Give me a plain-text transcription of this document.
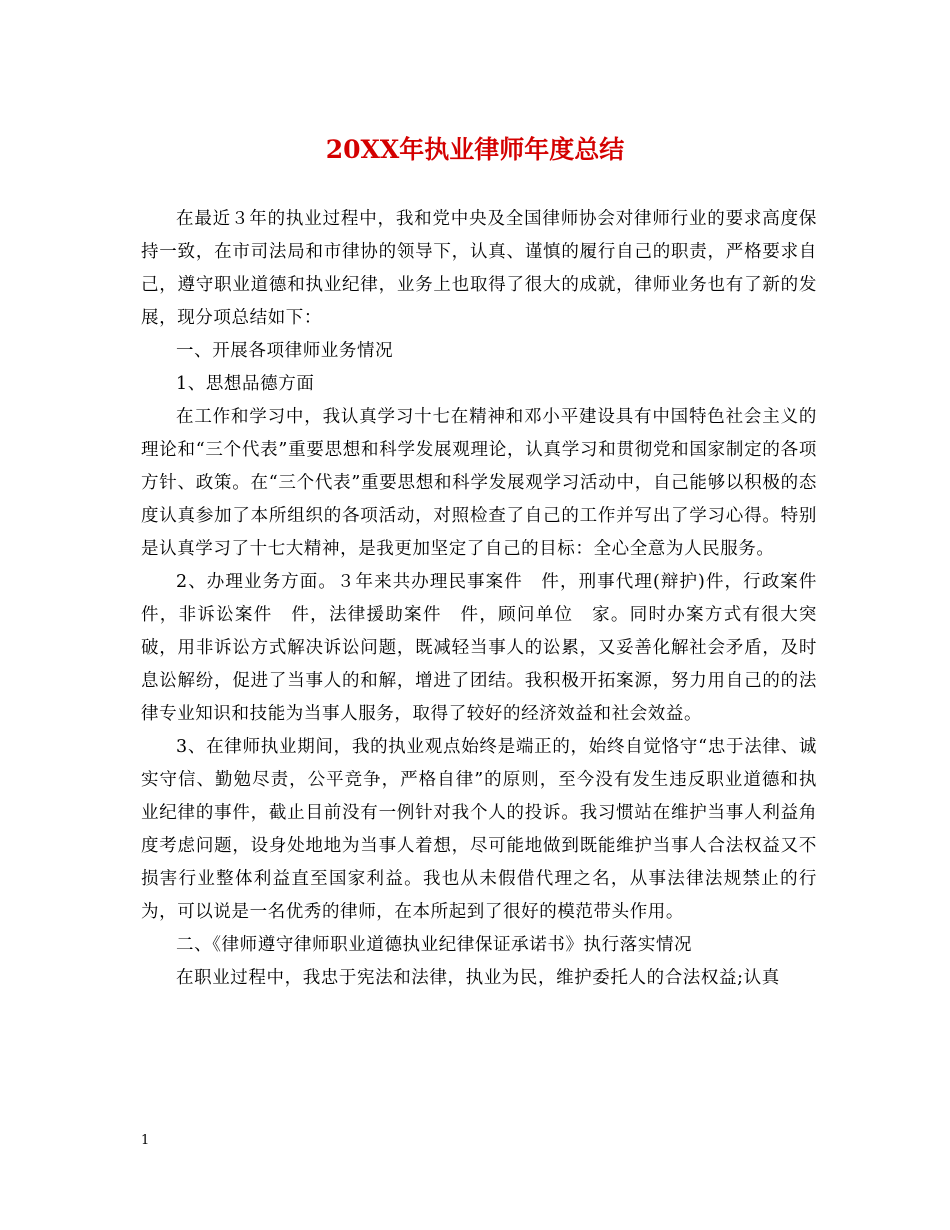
20XX年执业律师年度总结

在最近３年的执业过程中，我和党中央及全国律师协会对律师行业的要求高度保持一致，在市司法局和市律协的领导下，认真、谨慎的履行自己的职责，严格要求自己，遵守职业道德和执业纪律，业务上也取得了很大的成就，律师业务也有了新的发展，现分项总结如下：

一、开展各项律师业务情况

1、思想品德方面

在工作和学习中，我认真学习十七在精神和邓小平建设具有中国特色社会主义的理论和“三个代表”重要思想和科学发展观理论，认真学习和贯彻党和国家制定的各项方针、政策。在“三个代表”重要思想和科学发展观学习活动中，自己能够以积极的态度认真参加了本所组织的各项活动，对照检查了自己的工作并写出了学习心得。特别是认真学习了十七大精神，是我更加坚定了自己的目标：全心全意为人民服务。

2、办理业务方面。３年来共办理民事案件　件，刑事代理(辩护)件，行政案件件，非诉讼案件　件，法律援助案件　件，顾问单位　家。同时办案方式有很大突破，用非诉讼方式解决诉讼问题，既减轻当事人的讼累，又妥善化解社会矛盾，及时息讼解纷，促进了当事人的和解，增进了团结。我积极开拓案源，努力用自己的的法律专业知识和技能为当事人服务，取得了较好的经济效益和社会效益。

3、在律师执业期间，我的执业观点始终是端正的，始终自觉恪守“忠于法律、诚实守信、勤勉尽责，公平竞争，严格自律”的原则，至今没有发生违反职业道德和执业纪律的事件，截止目前没有一例针对我个人的投诉。我习惯站在维护当事人利益角度考虑问题，设身处地地为当事人着想，尽可能地做到既能维护当事人合法权益又不损害行业整体利益直至国家利益。我也从未假借代理之名，从事法律法规禁止的行为，可以说是一名优秀的律师，在本所起到了很好的模范带头作用。

二、《律师遵守律师职业道德执业纪律保证承诺书》执行落实情况

在职业过程中，我忠于宪法和法律，执业为民，维护委托人的合法权益;认真

1
